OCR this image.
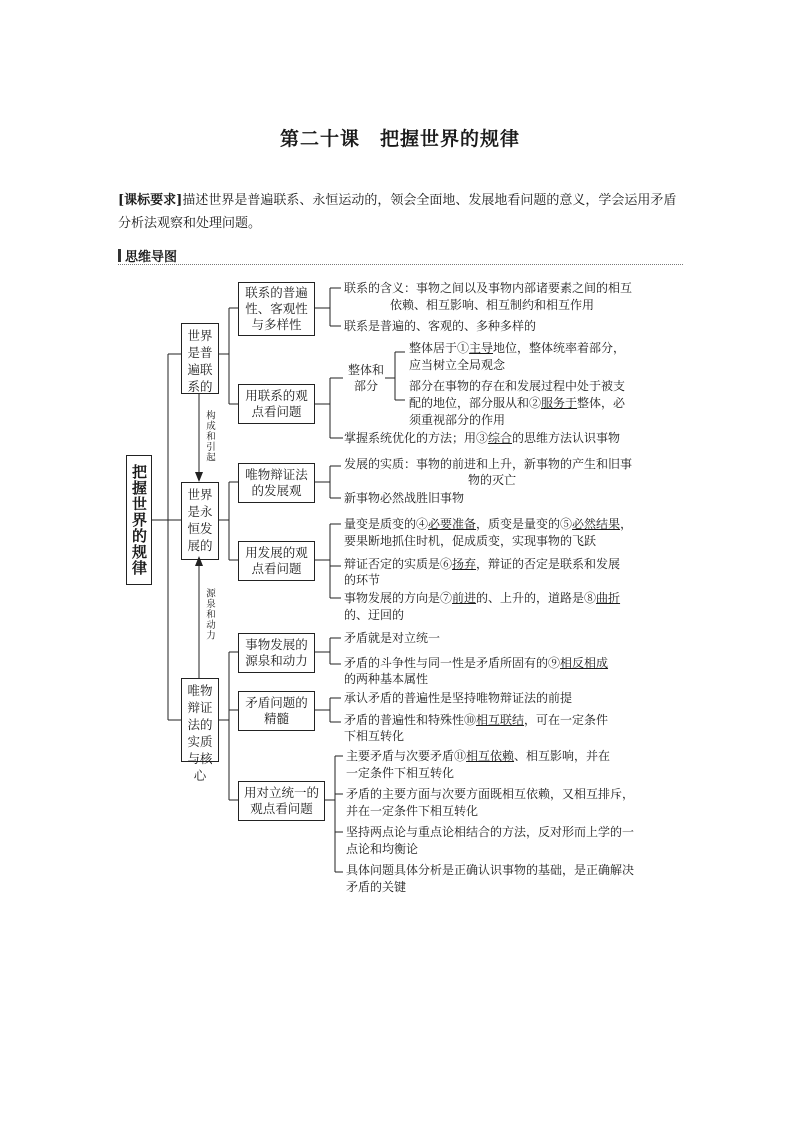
第二十课　把握世界的规律
[课标要求]描述世界是普遍联系、永恒运动的，领会全面地、发展地看问题的意义，学会运用矛盾分析法观察和处理问题。
思维导图
把握世界的规律
世界是普遍联系的
构成和引起
世界是永恒发展的
源泉和动力
唯物辩证法的实质与核心
联系的普遍性、客观性与多样性
联系的含义：事物之间以及事物内部诸要素之间的相互
依赖、相互影响、相互制约和相互作用
联系是普遍的、客观的、多种多样的
用联系的观点看问题
整体和部分
整体居于①主导地位，整体统率着部分，
应当树立全局观念
部分在事物的存在和发展过程中处于被支
配的地位，部分服从和②服务于整体，必
须重视部分的作用
掌握系统优化的方法；用③综合的思维方法认识事物
唯物辩证法的发展观
发展的实质：事物的前进和上升，新事物的产生和旧事
物的灭亡
新事物必然战胜旧事物
用发展的观点看问题
量变是质变的④必要准备，质变是量变的⑤必然结果，
要果断地抓住时机，促成质变，实现事物的飞跃
辩证否定的实质是⑥扬弃，辩证的否定是联系和发展
的环节
事物发展的方向是⑦前进的、上升的，道路是⑧曲折
的、迂回的
事物发展的源泉和动力
矛盾就是对立统一
矛盾的斗争性与同一性是矛盾所固有的⑨相反相成
的两种基本属性
矛盾问题的精髓
承认矛盾的普遍性是坚持唯物辩证法的前提
矛盾的普遍性和特殊性⑩相互联结，可在一定条件
下相互转化
用对立统一的观点看问题
主要矛盾与次要矛盾⑪相互依赖、相互影响，并在
一定条件下相互转化
矛盾的主要方面与次要方面既相互依赖，又相互排斥，
并在一定条件下相互转化
坚持两点论与重点论相结合的方法，反对形而上学的一
点论和均衡论
具体问题具体分析是正确认识事物的基础，是正确解决
矛盾的关键
